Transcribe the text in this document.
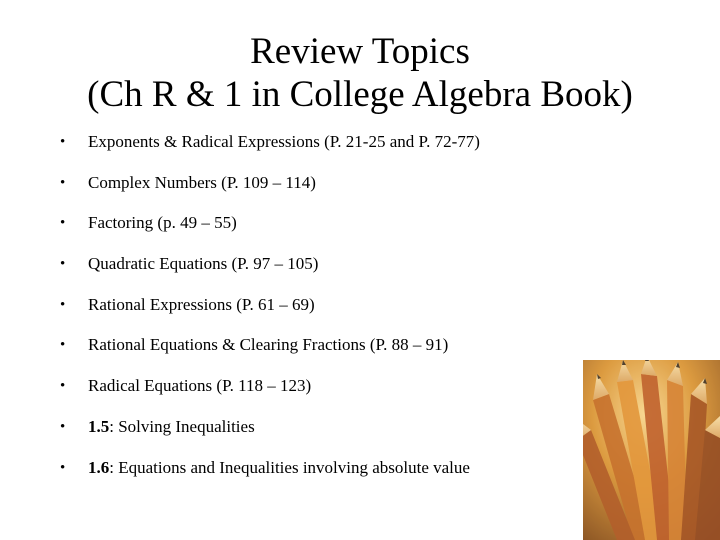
Review Topics
(Ch R & 1 in College Algebra Book)
•	Exponents & Radical Expressions (P. 21-25 and P. 72-77)
•	Complex Numbers (P. 109 – 114)
•	Factoring (p. 49 – 55)
•	Quadratic Equations (P. 97 – 105)
•	Rational Expressions (P. 61 – 69)
•	Rational Equations & Clearing Fractions (P. 88 – 91)
•	Radical Equations (P. 118 – 123)
•	1.5: Solving Inequalities
•	1.6: Equations and Inequalities involving absolute value
